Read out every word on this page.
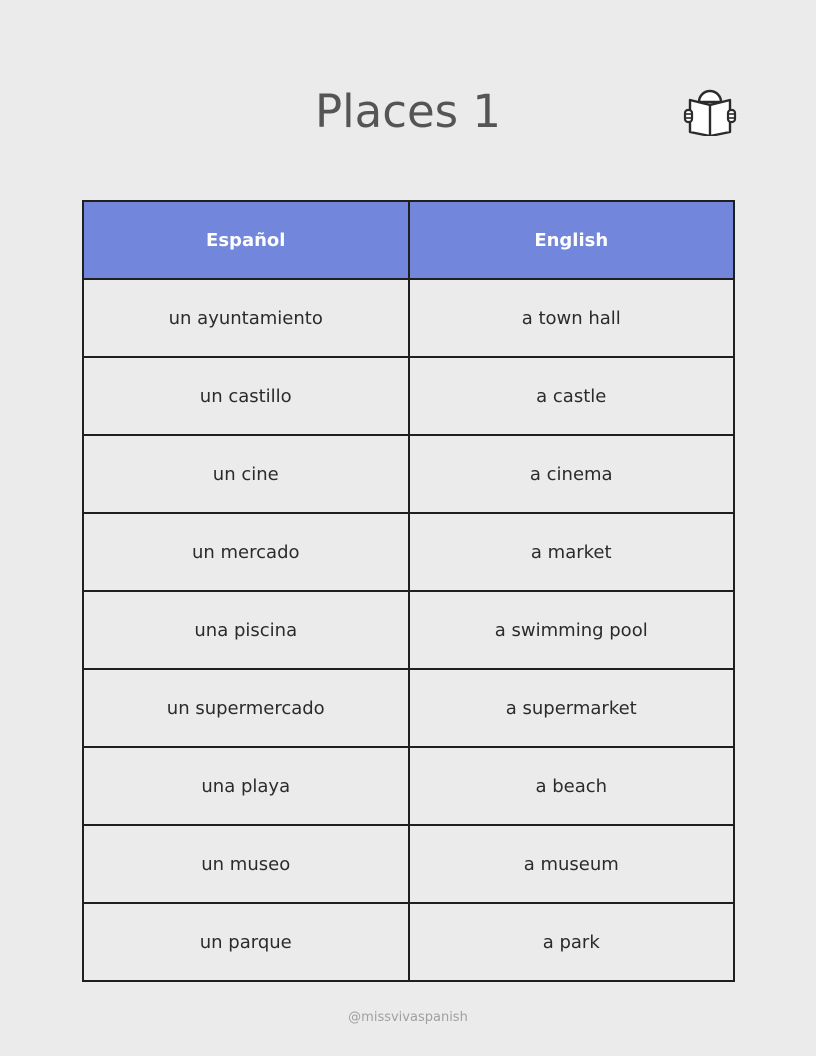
Places 1
Español	English
un ayuntamiento	a town hall
un castillo	a castle
un cine	a cinema
un mercado	a market
una piscina	a swimming pool
un supermercado	a supermarket
una playa	a beach
un museo	a museum
un parque	a park
@missvivaspanish
